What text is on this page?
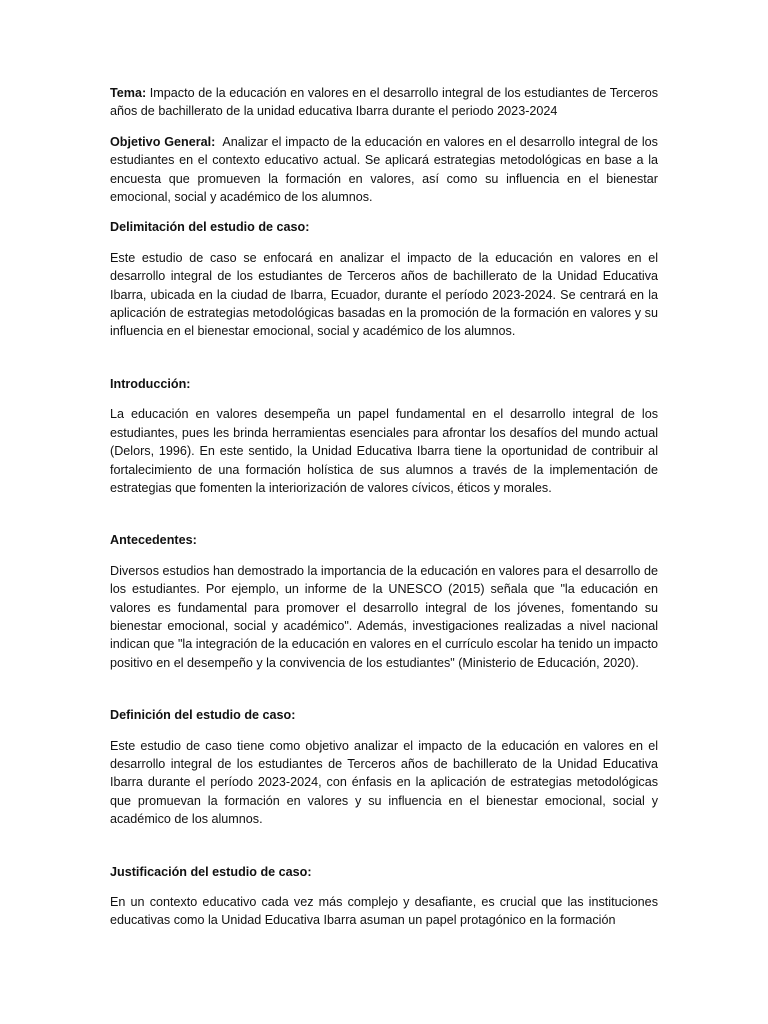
Tema: Impacto de la educación en valores en el desarrollo integral de los estudiantes de Terceros años de bachillerato de la unidad educativa Ibarra durante el periodo 2023-2024

Objetivo General: Analizar el impacto de la educación en valores en el desarrollo integral de los estudiantes en el contexto educativo actual. Se aplicará estrategias metodológicas en base a la encuesta que promueven la formación en valores, así como su influencia en el bienestar emocional, social y académico de los alumnos.

Delimitación del estudio de caso:

Este estudio de caso se enfocará en analizar el impacto de la educación en valores en el desarrollo integral de los estudiantes de Terceros años de bachillerato de la Unidad Educativa Ibarra, ubicada en la ciudad de Ibarra, Ecuador, durante el período 2023-2024. Se centrará en la aplicación de estrategias metodológicas basadas en la promoción de la formación en valores y su influencia en el bienestar emocional, social y académico de los alumnos.

Introducción:

La educación en valores desempeña un papel fundamental en el desarrollo integral de los estudiantes, pues les brinda herramientas esenciales para afrontar los desafíos del mundo actual (Delors, 1996). En este sentido, la Unidad Educativa Ibarra tiene la oportunidad de contribuir al fortalecimiento de una formación holística de sus alumnos a través de la implementación de estrategias que fomenten la interiorización de valores cívicos, éticos y morales.

Antecedentes:

Diversos estudios han demostrado la importancia de la educación en valores para el desarrollo de los estudiantes. Por ejemplo, un informe de la UNESCO (2015) señala que "la educación en valores es fundamental para promover el desarrollo integral de los jóvenes, fomentando su bienestar emocional, social y académico". Además, investigaciones realizadas a nivel nacional indican que "la integración de la educación en valores en el currículo escolar ha tenido un impacto positivo en el desempeño y la convivencia de los estudiantes" (Ministerio de Educación, 2020).

Definición del estudio de caso:

Este estudio de caso tiene como objetivo analizar el impacto de la educación en valores en el desarrollo integral de los estudiantes de Terceros años de bachillerato de la Unidad Educativa Ibarra durante el período 2023-2024, con énfasis en la aplicación de estrategias metodológicas que promuevan la formación en valores y su influencia en el bienestar emocional, social y académico de los alumnos.

Justificación del estudio de caso:

En un contexto educativo cada vez más complejo y desafiante, es crucial que las instituciones educativas como la Unidad Educativa Ibarra asuman un papel protagónico en la formación
